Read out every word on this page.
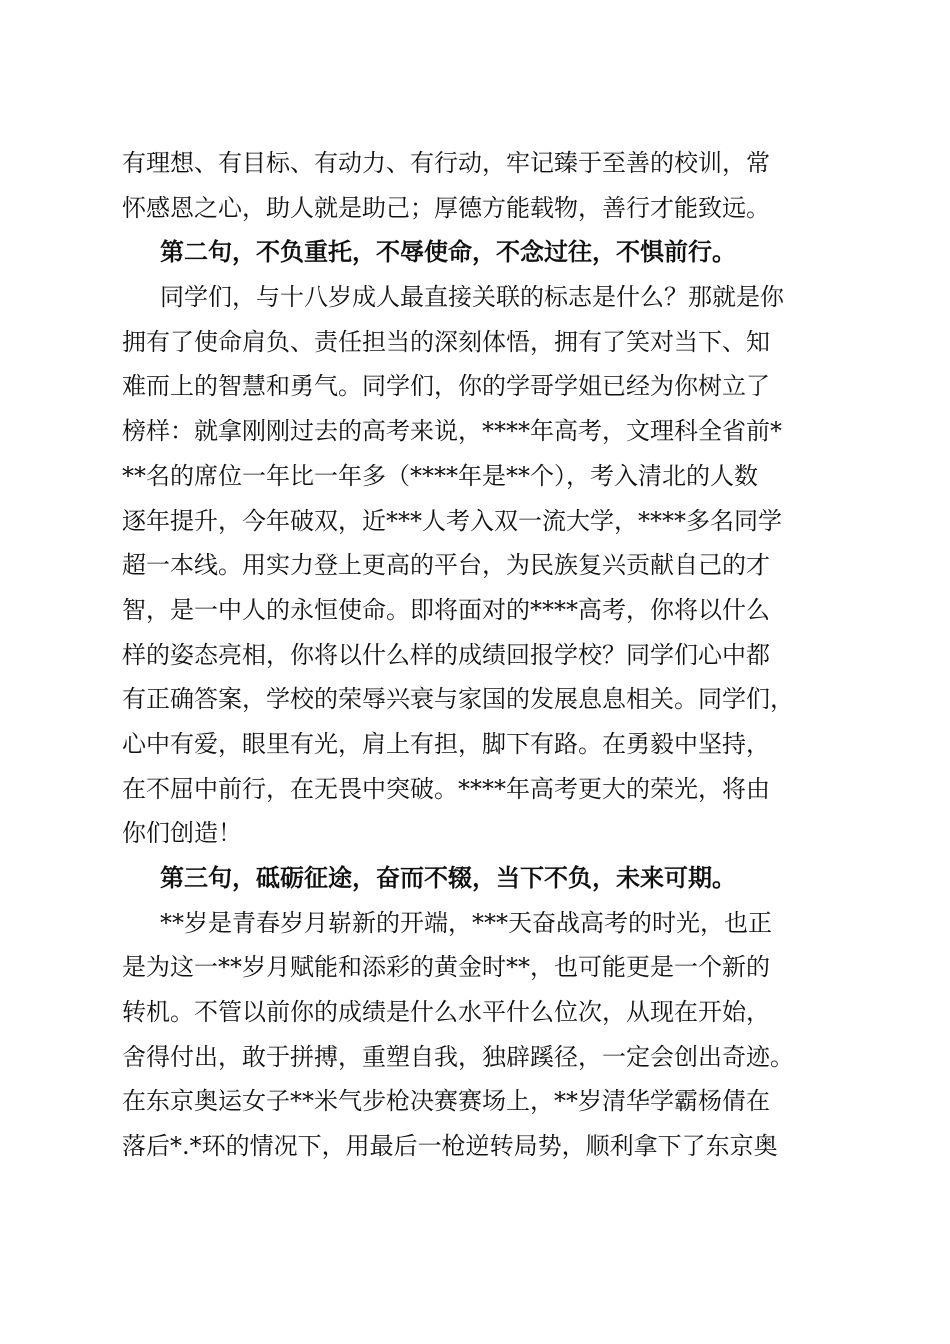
有理想、有目标、有动力、有行动，牢记臻于至善的校训，常
怀感恩之心，助人就是助己；厚德方能载物，善行才能致远。
第二句，不负重托，不辱使命，不念过往，不惧前行。
同学们，与十八岁成人最直接关联的标志是什么？那就是你
拥有了使命肩负、责任担当的深刻体悟，拥有了笑对当下、知
难而上的智慧和勇气。同学们，你的学哥学姐已经为你树立了
榜样：就拿刚刚过去的高考来说，****年高考，文理科全省前*
**名的席位一年比一年多（****年是**个），考入清北的人数
逐年提升，今年破双，近***人考入双一流大学，****多名同学
超一本线。用实力登上更高的平台，为民族复兴贡献自己的才
智，是一中人的永恒使命。即将面对的****高考，你将以什么
样的姿态亮相，你将以什么样的成绩回报学校？同学们心中都
有正确答案，学校的荣辱兴衰与家国的发展息息相关。同学们，
心中有爱，眼里有光，肩上有担，脚下有路。在勇毅中坚持，
在不屈中前行，在无畏中突破。****年高考更大的荣光，将由
你们创造！
第三句，砥砺征途，奋而不辍，当下不负，未来可期。
**岁是青春岁月崭新的开端，***天奋战高考的时光，也正
是为这一**岁月赋能和添彩的黄金时**，也可能更是一个新的
转机。不管以前你的成绩是什么水平什么位次，从现在开始，
舍得付出，敢于拼搏，重塑自我，独辟蹊径，一定会创出奇迹。
在东京奥运女子**米气步枪决赛赛场上，**岁清华学霸杨倩在
落后*.*环的情况下，用最后一枪逆转局势，顺利拿下了东京奥
